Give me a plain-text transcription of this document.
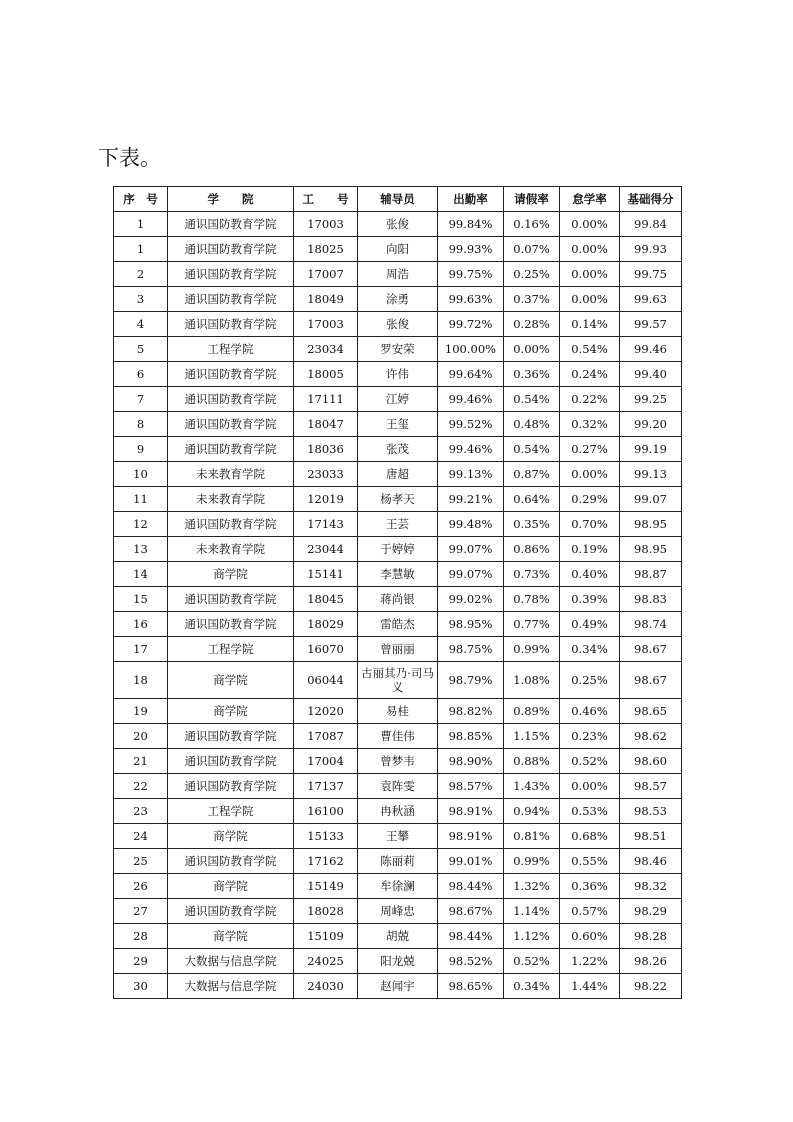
下表。
序　号	学　　院	工　　号	辅导员	出勤率	请假率	怠学率	基础得分
1	通识国防教育学院	17003	张俊	99.84%	0.16%	0.00%	99.84
1	通识国防教育学院	18025	向阳	99.93%	0.07%	0.00%	99.93
2	通识国防教育学院	17007	周浩	99.75%	0.25%	0.00%	99.75
3	通识国防教育学院	18049	涂勇	99.63%	0.37%	0.00%	99.63
4	通识国防教育学院	17003	张俊	99.72%	0.28%	0.14%	99.57
5	工程学院	23034	罗安荣	100.00%	0.00%	0.54%	99.46
6	通识国防教育学院	18005	许伟	99.64%	0.36%	0.24%	99.40
7	通识国防教育学院	17111	江婷	99.46%	0.54%	0.22%	99.25
8	通识国防教育学院	18047	王玺	99.52%	0.48%	0.32%	99.20
9	通识国防教育学院	18036	张茂	99.46%	0.54%	0.27%	99.19
10	未来教育学院	23033	唐超	99.13%	0.87%	0.00%	99.13
11	未来教育学院	12019	杨孝天	99.21%	0.64%	0.29%	99.07
12	通识国防教育学院	17143	王芸	99.48%	0.35%	0.70%	98.95
13	未来教育学院	23044	于婷婷	99.07%	0.86%	0.19%	98.95
14	商学院	15141	李慧敏	99.07%	0.73%	0.40%	98.87
15	通识国防教育学院	18045	蒋尚银	99.02%	0.78%	0.39%	98.83
16	通识国防教育学院	18029	雷皓杰	98.95%	0.77%	0.49%	98.74
17	工程学院	16070	曾丽丽	98.75%	0.99%	0.34%	98.67
18	商学院	06044	古丽其乃·司马义	98.79%	1.08%	0.25%	98.67
19	商学院	12020	易桂	98.82%	0.89%	0.46%	98.65
20	通识国防教育学院	17087	曹佳伟	98.85%	1.15%	0.23%	98.62
21	通识国防教育学院	17004	曾梦韦	98.90%	0.88%	0.52%	98.60
22	通识国防教育学院	17137	袁阵雯	98.57%	1.43%	0.00%	98.57
23	工程学院	16100	冉秋涵	98.91%	0.94%	0.53%	98.53
24	商学院	15133	王攀	98.91%	0.81%	0.68%	98.51
25	通识国防教育学院	17162	陈丽莉	99.01%	0.99%	0.55%	98.46
26	商学院	15149	牟徐澜	98.44%	1.32%	0.36%	98.32
27	通识国防教育学院	18028	周峰忠	98.67%	1.14%	0.57%	98.29
28	商学院	15109	胡兢	98.44%	1.12%	0.60%	98.28
29	大数据与信息学院	24025	阳龙兢	98.52%	0.52%	1.22%	98.26
30	大数据与信息学院	24030	赵闻宇	98.65%	0.34%	1.44%	98.22
